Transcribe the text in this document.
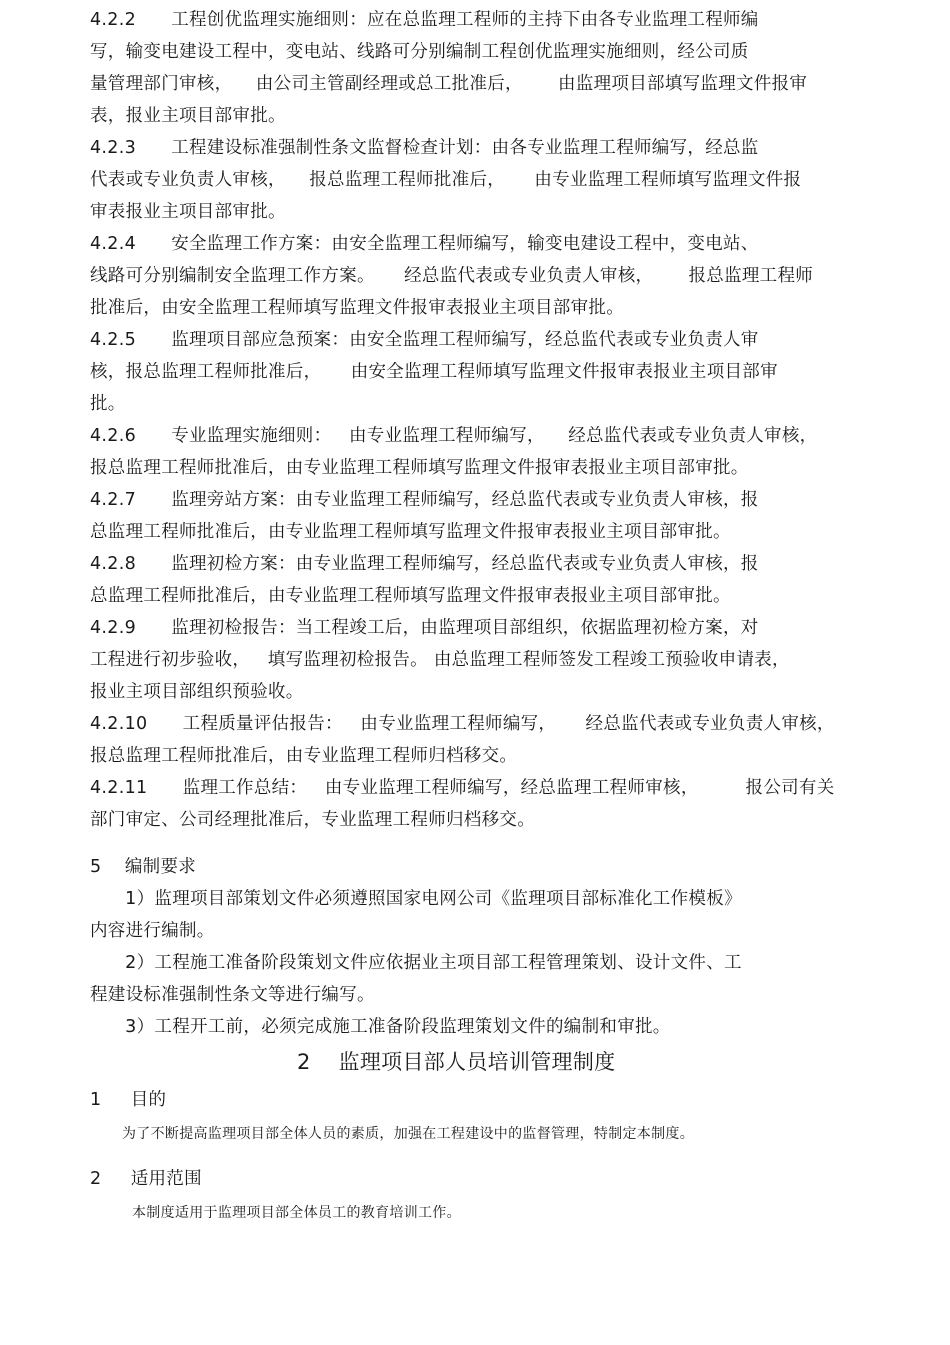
4.2.2      工程创优监理实施细则：应在总监理工程师的主持下由各专业监理工程师编
写，输变电建设工程中，变电站、线路可分别编制工程创优监理实施细则，经公司质
量管理部门审核，    由公司主管副经理或总工批准后，      由监理项目部填写监理文件报审
表，报业主项目部审批。
4.2.3      工程建设标准强制性条文监督检查计划：由各专业监理工程师编写，经总监
代表或专业负责人审核，    报总监理工程师批准后，     由专业监理工程师填写监理文件报
审表报业主项目部审批。
4.2.4      安全监理工作方案：由安全监理工程师编写，输变电建设工程中，变电站、
线路可分别编制安全监理工作方案。     经总监代表或专业负责人审核，      报总监理工程师
批准后，由安全监理工程师填写监理文件报审表报业主项目部审批。
4.2.5      监理项目部应急预案：由安全监理工程师编写，经总监代表或专业负责人审
核，报总监理工程师批准后，     由安全监理工程师填写监理文件报审表报业主项目部审
批。
4.2.6      专业监理实施细则：   由专业监理工程师编写，    经总监代表或专业负责人审核，
报总监理工程师批准后，由专业监理工程师填写监理文件报审表报业主项目部审批。
4.2.7      监理旁站方案：由专业监理工程师编写，经总监代表或专业负责人审核，报
总监理工程师批准后，由专业监理工程师填写监理文件报审表报业主项目部审批。
4.2.8      监理初检方案：由专业监理工程师编写，经总监代表或专业负责人审核，报
总监理工程师批准后，由专业监理工程师填写监理文件报审表报业主项目部审批。
4.2.9      监理初检报告：当工程竣工后，由监理项目部组织，依据监理初检方案，对
工程进行初步验收，   填写监理初检报告。 由总监理工程师签发工程竣工预验收申请表，
报业主项目部组织预验收。
4.2.10      工程质量评估报告：   由专业监理工程师编写，     经总监代表或专业负责人审核，
报总监理工程师批准后，由专业监理工程师归档移交。
4.2.11      监理工作总结：   由专业监理工程师编写，经总监理工程师审核，        报公司有关
部门审定、公司经理批准后，专业监理工程师归档移交。
5    编制要求
1）监理项目部策划文件必须遵照国家电网公司《监理项目部标准化工作模板》
内容进行编制。
2）工程施工准备阶段策划文件应依据业主项目部工程管理策划、设计文件、工
程建设标准强制性条文等进行编写。
3）工程开工前，必须完成施工准备阶段监理策划文件的编制和审批。
2    监理项目部人员培训管理制度
1     目的
为了不断提高监理项目部全体人员的素质，加强在工程建设中的监督管理，特制定本制度。
2     适用范围
本制度适用于监理项目部全体员工的教育培训工作。
